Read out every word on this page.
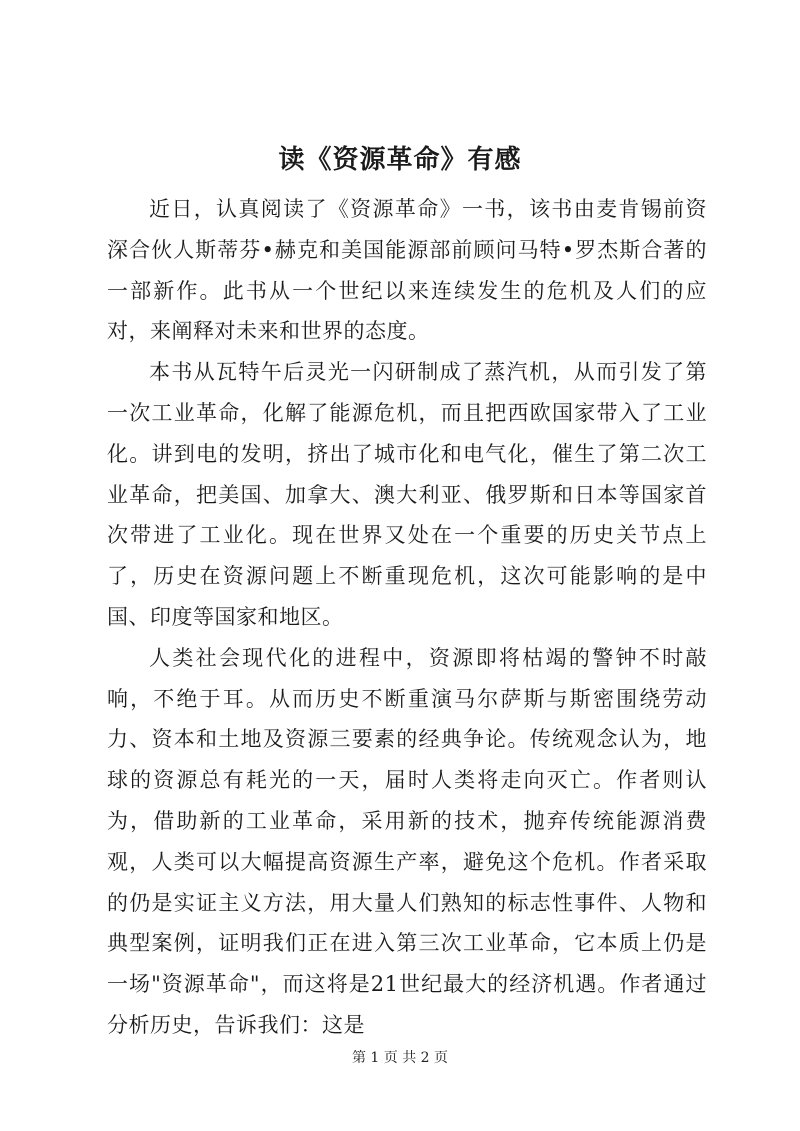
读《资源革命》有感

近日，认真阅读了《资源革命》一书，该书由麦肯锡前资深合伙人斯蒂芬•赫克和美国能源部前顾问马特•罗杰斯合著的一部新作。此书从一个世纪以来连续发生的危机及人们的应对，来阐释对未来和世界的态度。

本书从瓦特午后灵光一闪研制成了蒸汽机，从而引发了第一次工业革命，化解了能源危机，而且把西欧国家带入了工业化。讲到电的发明，挤出了城市化和电气化，催生了第二次工业革命，把美国、加拿大、澳大利亚、俄罗斯和日本等国家首次带进了工业化。现在世界又处在一个重要的历史关节点上了，历史在资源问题上不断重现危机，这次可能影响的是中国、印度等国家和地区。

人类社会现代化的进程中，资源即将枯竭的警钟不时敲响，不绝于耳。从而历史不断重演马尔萨斯与斯密围绕劳动力、资本和土地及资源三要素的经典争论。传统观念认为，地球的资源总有耗光的一天，届时人类将走向灭亡。作者则认为，借助新的工业革命，采用新的技术，抛弃传统能源消费观，人类可以大幅提高资源生产率，避免这个危机。作者采取的仍是实证主义方法，用大量人们熟知的标志性事件、人物和典型案例，证明我们正在进入第三次工业革命，它本质上仍是一场"资源革命"，而这将是21世纪最大的经济机遇。作者通过分析历史，告诉我们：这是

第 1 页 共 2 页
